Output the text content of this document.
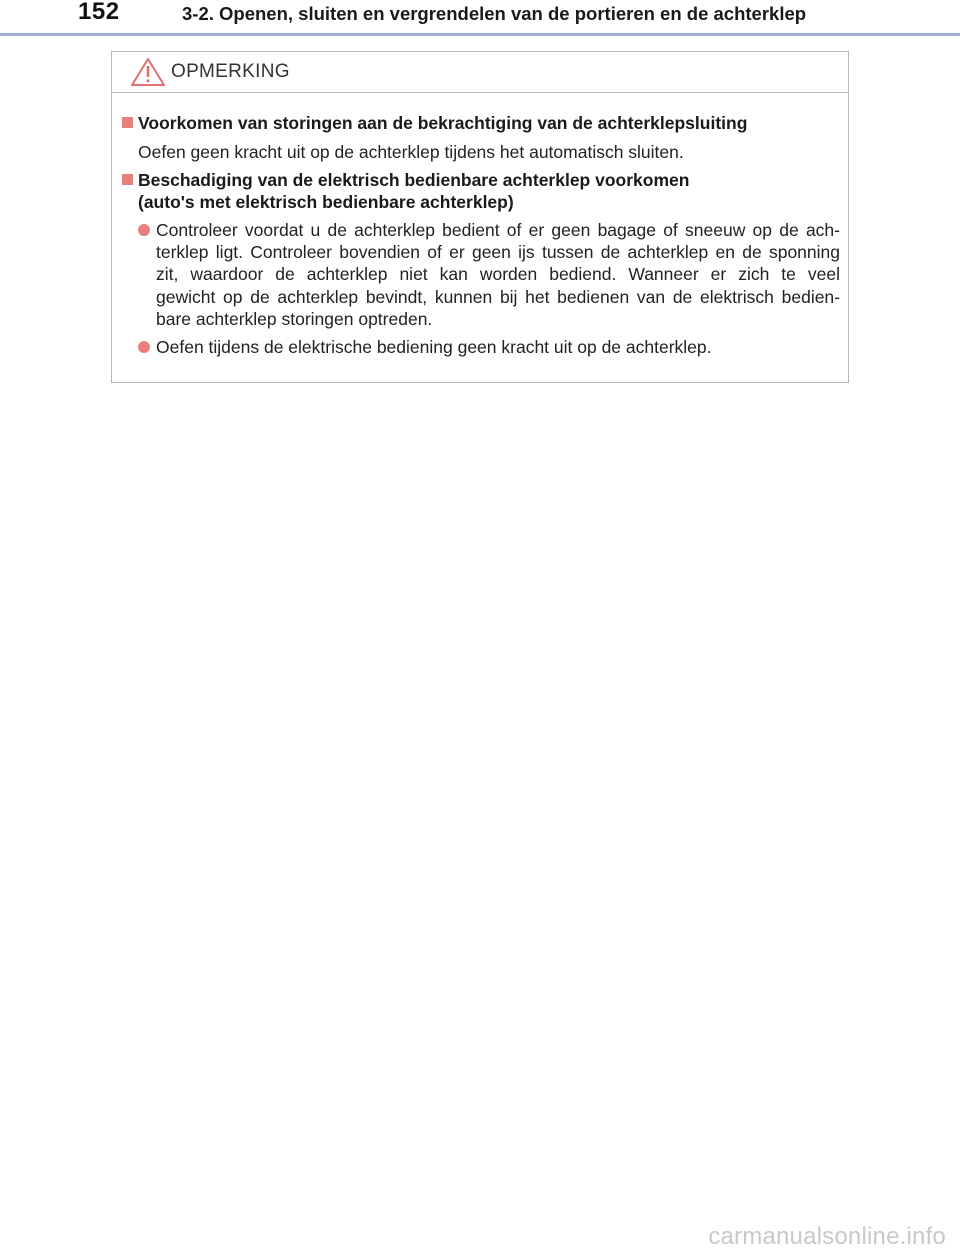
152	3-2. Openen, sluiten en vergrendelen van de portieren en de achterklep
OPMERKING
Voorkomen van storingen aan de bekrachtiging van de achterklepsluiting
Oefen geen kracht uit op de achterklep tijdens het automatisch sluiten.
Beschadiging van de elektrisch bedienbare achterklep voorkomen
(auto's met elektrisch bedienbare achterklep)
Controleer voordat u de achterklep bedient of er geen bagage of sneeuw op de ach-
terklep ligt. Controleer bovendien of er geen ijs tussen de achterklep en de sponning
zit, waardoor de achterklep niet kan worden bediend. Wanneer er zich te veel
gewicht op de achterklep bevindt, kunnen bij het bedienen van de elektrisch bedien-
bare achterklep storingen optreden.
Oefen tijdens de elektrische bediening geen kracht uit op de achterklep.
carmanualsonline.info
